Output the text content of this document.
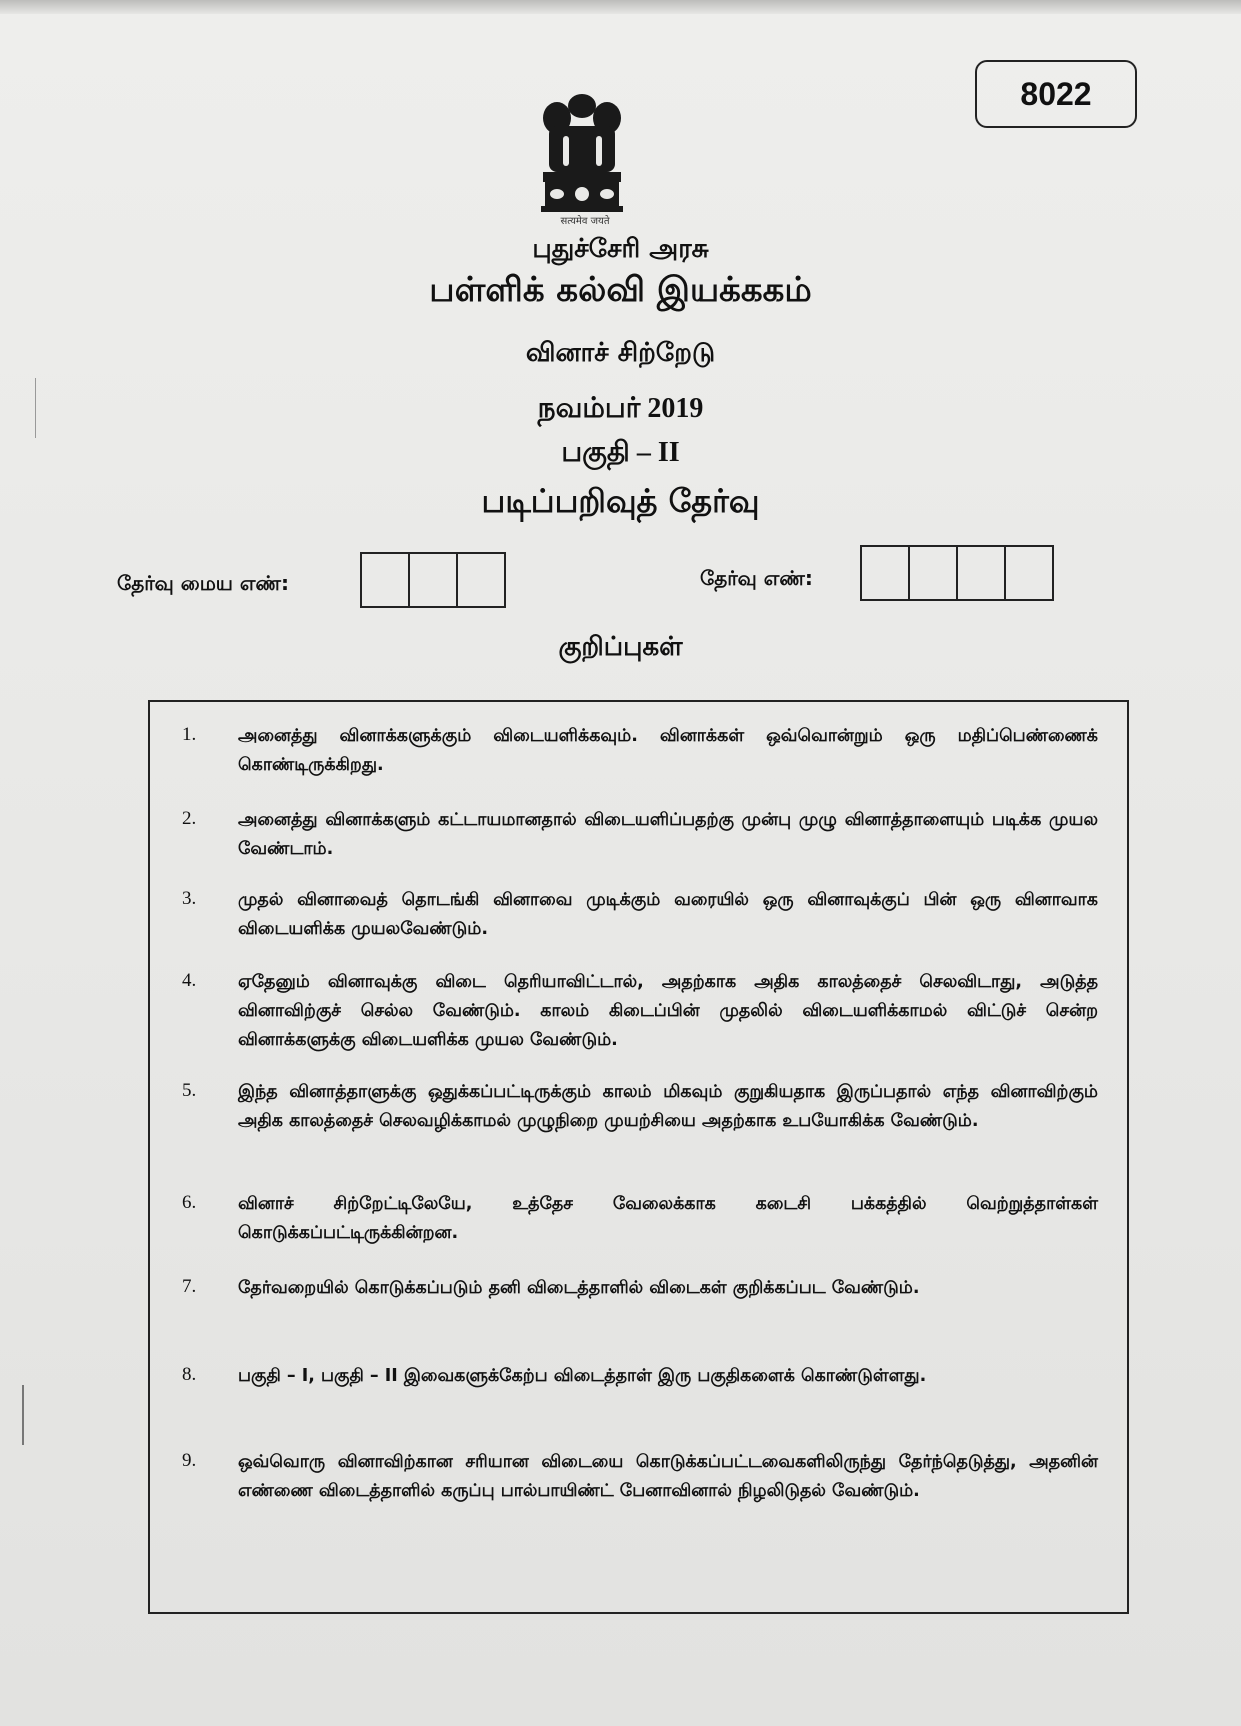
8022
सत्यमेव जयते
புதுச்சேரி அரசு
பள்ளிக் கல்வி இயக்ககம்
வினாச் சிற்றேடு
நவம்பர் 2019
பகுதி – II
படிப்பறிவுத் தேர்வு
தேர்வு மைய எண்:	தேர்வு எண்:
குறிப்புகள்
1. அனைத்து வினாக்களுக்கும் விடையளிக்கவும். வினாக்கள் ஒவ்வொன்றும் ஒரு மதிப்பெண்ணைக் கொண்டிருக்கிறது.
2. அனைத்து வினாக்களும் கட்டாயமானதால் விடையளிப்பதற்கு முன்பு முழு வினாத்தாளையும் படிக்க முயல வேண்டாம்.
3. முதல் வினாவைத் தொடங்கி வினாவை முடிக்கும் வரையில் ஒரு வினாவுக்குப் பின் ஒரு வினாவாக விடையளிக்க முயலவேண்டும்.
4. ஏதேனும் வினாவுக்கு விடை தெரியாவிட்டால், அதற்காக அதிக காலத்தைச் செலவிடாது, அடுத்த வினாவிற்குச் செல்ல வேண்டும். காலம் கிடைப்பின் முதலில் விடையளிக்காமல் விட்டுச் சென்ற வினாக்களுக்கு விடையளிக்க முயல வேண்டும்.
5. இந்த வினாத்தாளுக்கு ஒதுக்கப்பட்டிருக்கும் காலம் மிகவும் குறுகியதாக இருப்பதால் எந்த வினாவிற்கும் அதிக காலத்தைச் செலவழிக்காமல் முழுநிறை முயற்சியை அதற்காக உபயோகிக்க வேண்டும்.
6. வினாச் சிற்றேட்டிலேயே, உத்தேச வேலைக்காக கடைசி பக்கத்தில் வெற்றுத்தாள்கள் கொடுக்கப்பட்டிருக்கின்றன.
7. தேர்வறையில் கொடுக்கப்படும் தனி விடைத்தாளில் விடைகள் குறிக்கப்பட வேண்டும்.
8. பகுதி – I, பகுதி – II இவைகளுக்கேற்ப விடைத்தாள் இரு பகுதிகளைக் கொண்டுள்ளது.
9. ஒவ்வொரு வினாவிற்கான சரியான விடையை கொடுக்கப்பட்டவைகளிலிருந்து தேர்ந்தெடுத்து, அதனின் எண்ணை விடைத்தாளில் கருப்பு பால்பாயிண்ட் பேனாவினால் நிழலிடுதல் வேண்டும்.
